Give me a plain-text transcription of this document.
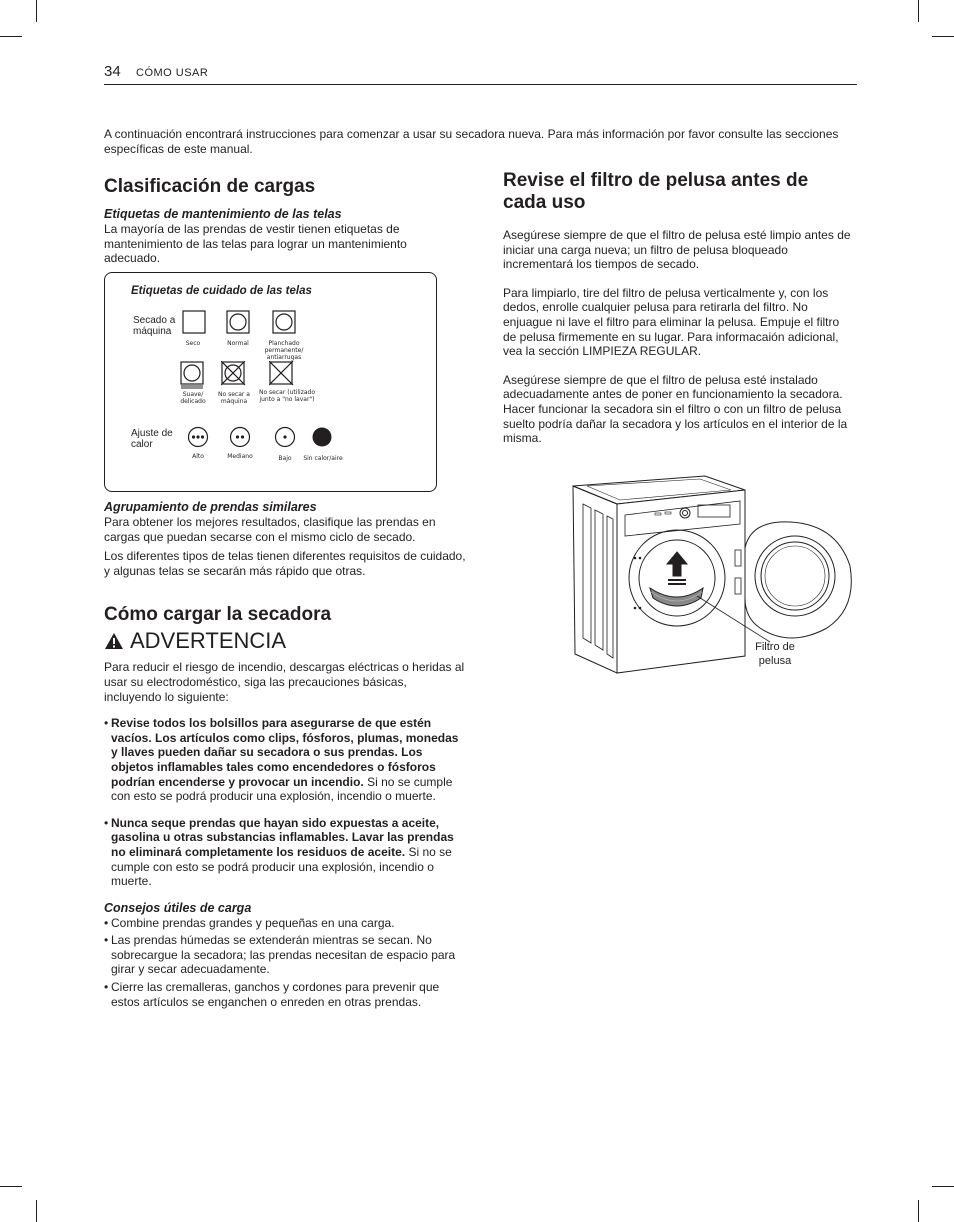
34 CÓMO USAR

A continuación encontrará instrucciones para comenzar a usar su secadora nueva. Para más información por favor consulte las secciones específicas de este manual.

Clasificación de cargas
Etiquetas de mantenimiento de las telas

La mayoría de las prendas de vestir tienen etiquetas de mantenimiento de las telas para lograr un mantenimiento adecuado.

Etiquetas de cuidado de las telas
Secado a máquina
Ajuste de calor
Seco	Normal	Planchado permanente/ antiarrugas
Suave/ delicado
No secar a máquina
No secar (utilizado junto a "no lavar")
Alto	Mediano	Bajo	Sin calor/aire
Agrupamiento de prendas similares

Para obtener los mejores resultados, clasifique las prendas en cargas que puedan secarse con el mismo ciclo de secado.

Los diferentes tipos de telas tienen diferentes requisitos de cuidado, y algunas telas se secarán más rápido que otras.

Cómo cargar la secadora
ADVERTENCIA

Para reducir el riesgo de incendio, descargas eléctricas o heridas al usar su electrodoméstico, siga las precauciones básicas, incluyendo lo siguiente:

• Revise todos los bolsillos para asegurarse de que estén vacíos. Los artículos como clips, fósforos, plumas, monedas y llaves pueden dañar su secadora o sus prendas. Los objetos inflamables tales como encendedores o fósforos podrían encenderse y provocar un incendio. Si no se cumple con esto se podrá producir una explosión, incendio o muerte.
• Nunca seque prendas que hayan sido expuestas a aceite, gasolina u otras substancias inflamables. Lavar las prendas no eliminará completamente los residuos de aceite. Si no se cumple con esto se podrá producir una explosión, incendio o muerte.
Consejos útiles de carga
• Combine prendas grandes y pequeñas en una carga.
• Las prendas húmedas se extenderán mientras se secan. No sobrecargue la secadora; las prendas necesitan de espacio para girar y secar adecuadamente.
• Cierre las cremalleras, ganchos y cordones para prevenir que estos artículos se enganchen o enreden en otras prendas.
Revise el filtro de pelusa antes de cada uso

Asegúrese siempre de que el filtro de pelusa esté limpio antes de iniciar una carga nueva; un filtro de pelusa bloqueado incrementará los tiempos de secado.

Para limpiarlo, tire del filtro de pelusa verticalmente y, con los dedos, enrolle cualquier pelusa para retirarla del filtro. No enjuague ni lave el filtro para eliminar la pelusa. Empuje el filtro de pelusa firmemente en su lugar. Para informacaión adicional, vea la sección LIMPIEZA REGULAR.

Asegúrese siempre de que el filtro de pelusa esté instalado adecuadamente antes de poner en funcionamiento la secadora. Hacer funcionar la secadora sin el filtro o con un filtro de pelusa suelto podría dañar la secadora y los artículos en el interior de la misma.

Filtro de pelusa
